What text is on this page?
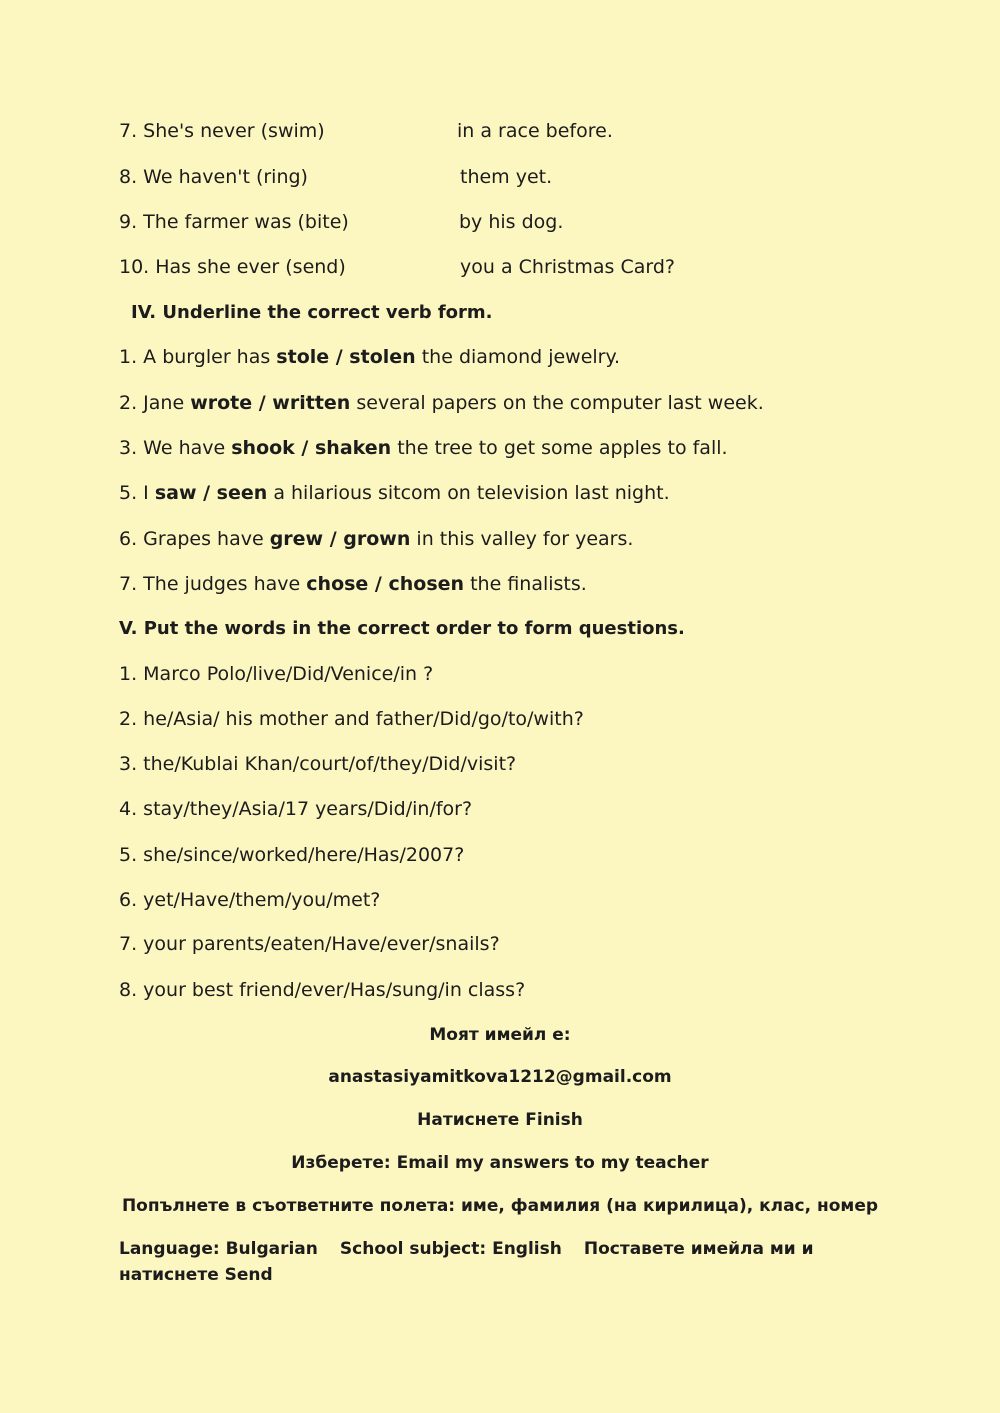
7. She's never (swim)	in a race before.
8. We haven't (ring)	them yet.
9. The farmer was (bite)	by his dog.
10. Has she ever (send)	you a Christmas Card?
IV. Underline the correct verb form.
1. A burgler has stole / stolen the diamond jewelry.
2. Jane wrote / written several papers on the computer last week.
3. We have shook / shaken the tree to get some apples to fall.
5. I saw / seen a hilarious sitcom on television last night.
6. Grapes have grew / grown in this valley for years.
7. The judges have chose / chosen the finalists.
V. Put the words in the correct order to form questions.
1. Marco Polo/live/Did/Venice/in ?
2. he/Asia/ his mother and father/Did/go/to/with?
3. the/Kublai Khan/court/of/they/Did/visit?
4. stay/they/Asia/17 years/Did/in/for?
5. she/since/worked/here/Has/2007?
6. yet/Have/them/you/met?
7. your parents/eaten/Have/ever/snails?
8. your best friend/ever/Has/sung/in class?
Моят имейл е:
anastasiyamitkova1212@gmail.com
Натиснете Finish
Изберете: Email my answers to my teacher
Попълнете в съответните полета: име, фамилия (на кирилица), клас, номер
Language: Bulgarian School subject: English Поставете имейла ми и натиснете Send
